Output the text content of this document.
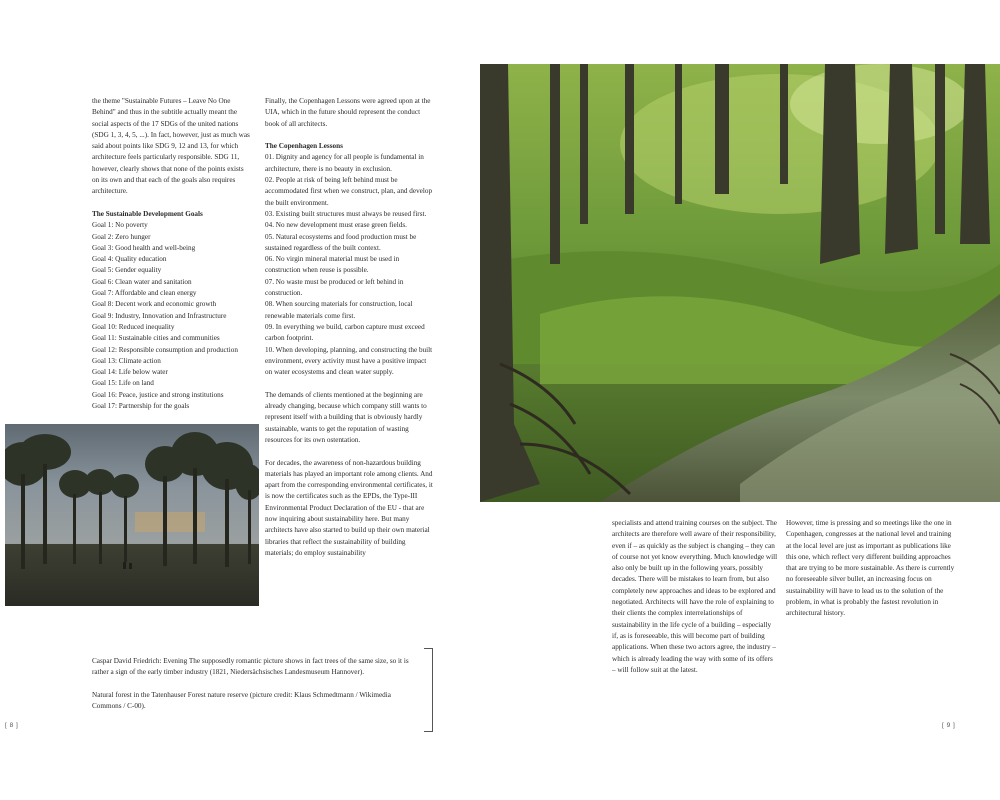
the theme "Sustainable Futures – Leave No One Behind" and thus in the subtitle actually meant the social aspects of the 17 SDGs of the united nations (SDG 1, 3, 4, 5, ...). In fact, however, just as much was said about points like SDG 9, 12 and 13, for which architecture feels particularly responsible. SDG 11, however, clearly shows that none of the points exists on its own and that each of the goals also requires architecture.

The Sustainable Development Goals

Goal 1: No poverty
Goal 2: Zero hunger
Goal 3: Good health and well-being
Goal 4: Quality education
Goal 5: Gender equality
Goal 6: Clean water and sanitation
Goal 7: Affordable and clean energy
Goal 8: Decent work and economic growth
Goal 9: Industry, Innovation and Infrastructure
Goal 10: Reduced inequality
Goal 11: Sustainable cities and communities
Goal 12: Responsible consumption and production
Goal 13: Climate action
Goal 14: Life below water
Goal 15: Life on land
Goal 16: Peace, justice and strong institutions
Goal 17: Partnership for the goals

Finally, the Copenhagen Lessons were agreed upon at the UIA, which in the future should represent the conduct book of all architects.

The Copenhagen Lessons

01. Dignity and agency for all people is fundamental in architecture, there is no beauty in exclusion.

02. People at risk of being left behind must be accommodated first when we construct, plan, and develop the built environment.

03. Existing built structures must always be reused first.

04. No new development must erase green fields.

05. Natural ecosystems and food production must be sustained regardless of the built context.

06. No virgin mineral material must be used in construction when reuse is possible.

07. No waste must be produced or left behind in construction.

08. When sourcing materials for construction, local renewable materials come first.

09. In everything we build, carbon capture must exceed carbon footprint.

10. When developing, planning, and constructing the built environment, every activity must have a positive impact on water ecosystems and clean water supply.

The demands of clients mentioned at the beginning are already changing, because which company still wants to represent itself with a building that is obviously hardly sustainable, wants to get the reputation of wasting resources for its own ostentation.

For decades, the awareness of non-hazardous building materials has played an important role among clients. And apart from the corresponding environmental certificates, it is now the certificates such as the EPDs, the Type-III Environmental Product Declaration of the EU - that are now inquiring about sustainability here. But many architects have also started to build up their own material libraries that reflect the sustainability of building materials; do employ sustainability

Caspar David Friedrich: Evening The supposedly romantic picture shows in fact trees of the same size, so it is rather a sign of the early timber industry (1821, Niedersächsisches Landesmuseum Hannover).

Natural forest in the Tatenhauser Forest nature reserve (picture credit: Klaus Schmedtmann / Wikimedia Commons / C-00).

[ 8 ]

specialists and attend training courses on the subject. The architects are therefore well aware of their responsibility, even if – as quickly as the subject is changing – they can of course not yet know everything. Much knowledge will also only be built up in the following years, possibly decades. There will be mistakes to learn from, but also completely new approaches and ideas to be explored and negotiated. Architects will have the role of explaining to their clients the complex interrelationships of sustainability in the life cycle of a building – especially if, as is foreseeable, this will become part of building applications. When these two actors agree, the industry – which is already leading the way with some of its offers – will follow suit at the latest.

However, time is pressing and so meetings like the one in Copenhagen, congresses at the national level and training at the local level are just as important as publications like this one, which reflect very different building approaches that are trying to be more sustainable. As there is currently no foreseeable silver bullet, an increasing focus on sustainability will have to lead us to the solution of the problem, in what is probably the fastest revolution in architectural history.

[ 9 ]
